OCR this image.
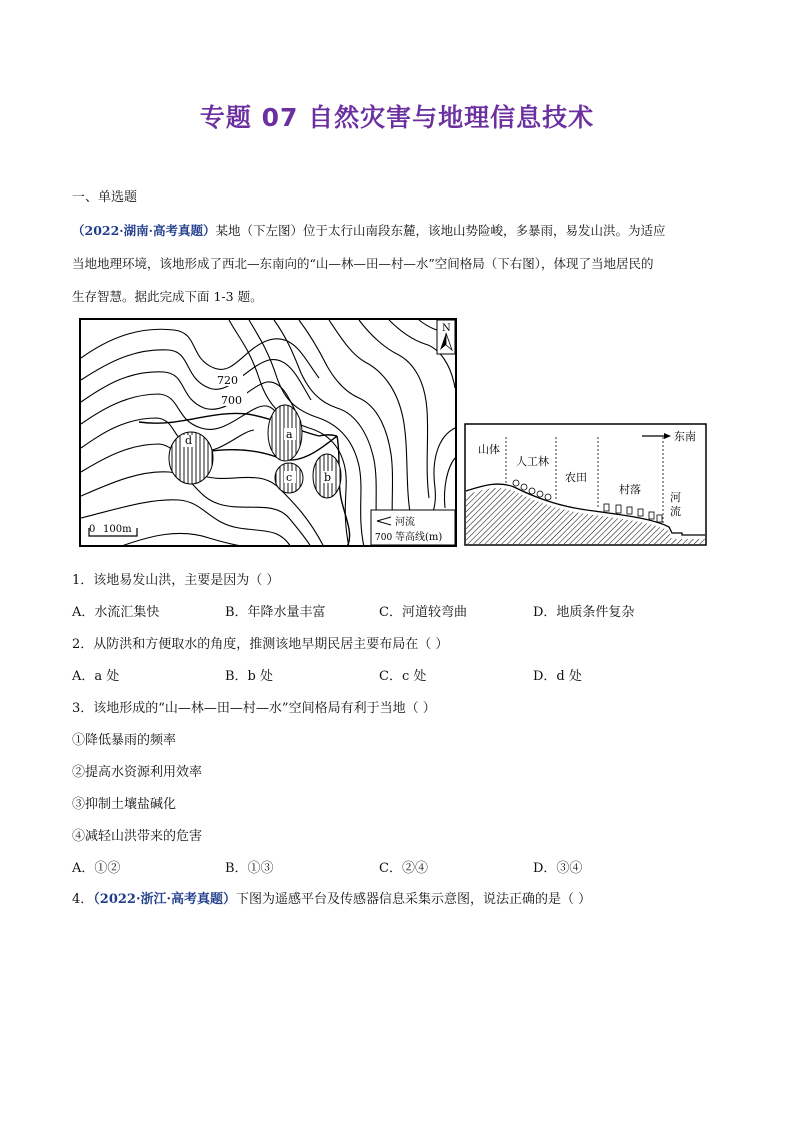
专题 07 自然灾害与地理信息技术
一、单选题
（2022·湖南·高考真题）某地（下左图）位于太行山南段东麓，该地山势险峻，多暴雨，易发山洪。为适应
当地地理环境，该地形成了西北—东南向的“山—林—田—村—水”空间格局（下右图），体现了当地居民的
生存智慧。据此完成下面 1-3 题。
a
b
c
d
720
700
N
0 100m
河流
700 等高线(m)
东南
山体
人工林
农田
村落
河
流
1．该地易发山洪，主要是因为（ ）
A．水流汇集快	B．年降水量丰富	C．河道较弯曲	D．地质条件复杂
2．从防洪和方便取水的角度，推测该地早期民居主要布局在（ ）
A．a 处	B．b 处	C．c 处	D．d 处
3．该地形成的“山—林—田—村—水”空间格局有利于当地（ ）
①降低暴雨的频率
②提高水资源利用效率
③抑制土壤盐碱化
④减轻山洪带来的危害
A．①②	B．①③	C．②④	D．③④
4．（2022·浙江·高考真题）下图为遥感平台及传感器信息采集示意图，说法正确的是（ ）
